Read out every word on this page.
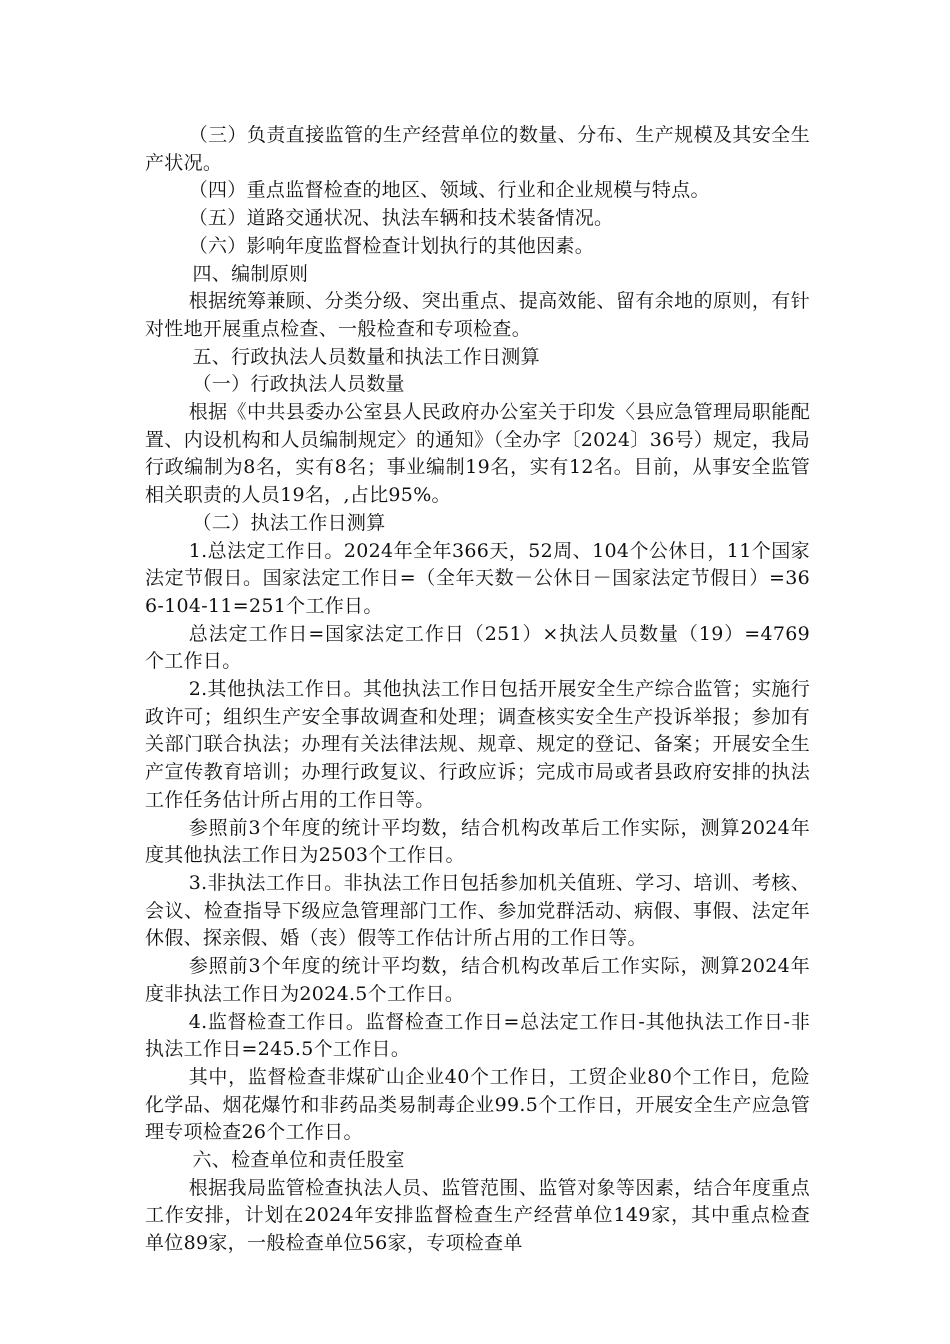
（三）负责直接监管的生产经营单位的数量、分布、生产规模及其安全生产状况。

（四）重点监督检查的地区、领域、行业和企业规模与特点。

（五）道路交通状况、执法车辆和技术装备情况。

（六）影响年度监督检查计划执行的其他因素。

四、编制原则

根据统筹兼顾、分类分级、突出重点、提高效能、留有余地的原则，有针对性地开展重点检查、一般检查和专项检查。

五、行政执法人员数量和执法工作日测算

（一）行政执法人员数量

根据《中共县委办公室县人民政府办公室关于印发〈县应急管理局职能配置、内设机构和人员编制规定〉的通知》（全办字〔2024〕36号）规定，我局行政编制为8名，实有8名；事业编制19名，实有12名。目前，从事安全监管相关职责的人员19名，,占比95%。

（二）执法工作日测算

1.总法定工作日。2024年全年366天，52周、104个公休日，11个国家法定节假日。国家法定工作日=（全年天数－公休日－国家法定节假日）=366-104-11=251个工作日。

总法定工作日=国家法定工作日（251）×执法人员数量（19）=4769个工作日。

2.其他执法工作日。其他执法工作日包括开展安全生产综合监管；实施行政许可；组织生产安全事故调查和处理；调查核实安全生产投诉举报；参加有关部门联合执法；办理有关法律法规、规章、规定的登记、备案；开展安全生产宣传教育培训；办理行政复议、行政应诉；完成市局或者县政府安排的执法工作任务估计所占用的工作日等。

参照前3个年度的统计平均数，结合机构改革后工作实际，测算2024年度其他执法工作日为2503个工作日。

3.非执法工作日。非执法工作日包括参加机关值班、学习、培训、考核、会议、检查指导下级应急管理部门工作、参加党群活动、病假、事假、法定年休假、探亲假、婚（丧）假等工作估计所占用的工作日等。

参照前3个年度的统计平均数，结合机构改革后工作实际，测算2024年度非执法工作日为2024.5个工作日。

4.监督检查工作日。监督检查工作日=总法定工作日-其他执法工作日-非执法工作日=245.5个工作日。

其中，监督检查非煤矿山企业40个工作日，工贸企业80个工作日，危险化学品、烟花爆竹和非药品类易制毒企业99.5个工作日，开展安全生产应急管理专项检查26个工作日。

六、检查单位和责任股室

根据我局监管检查执法人员、监管范围、监管对象等因素，结合年度重点工作安排，计划在2024年安排监督检查生产经营单位149家，其中重点检查单位89家，一般检查单位56家，专项检查单
